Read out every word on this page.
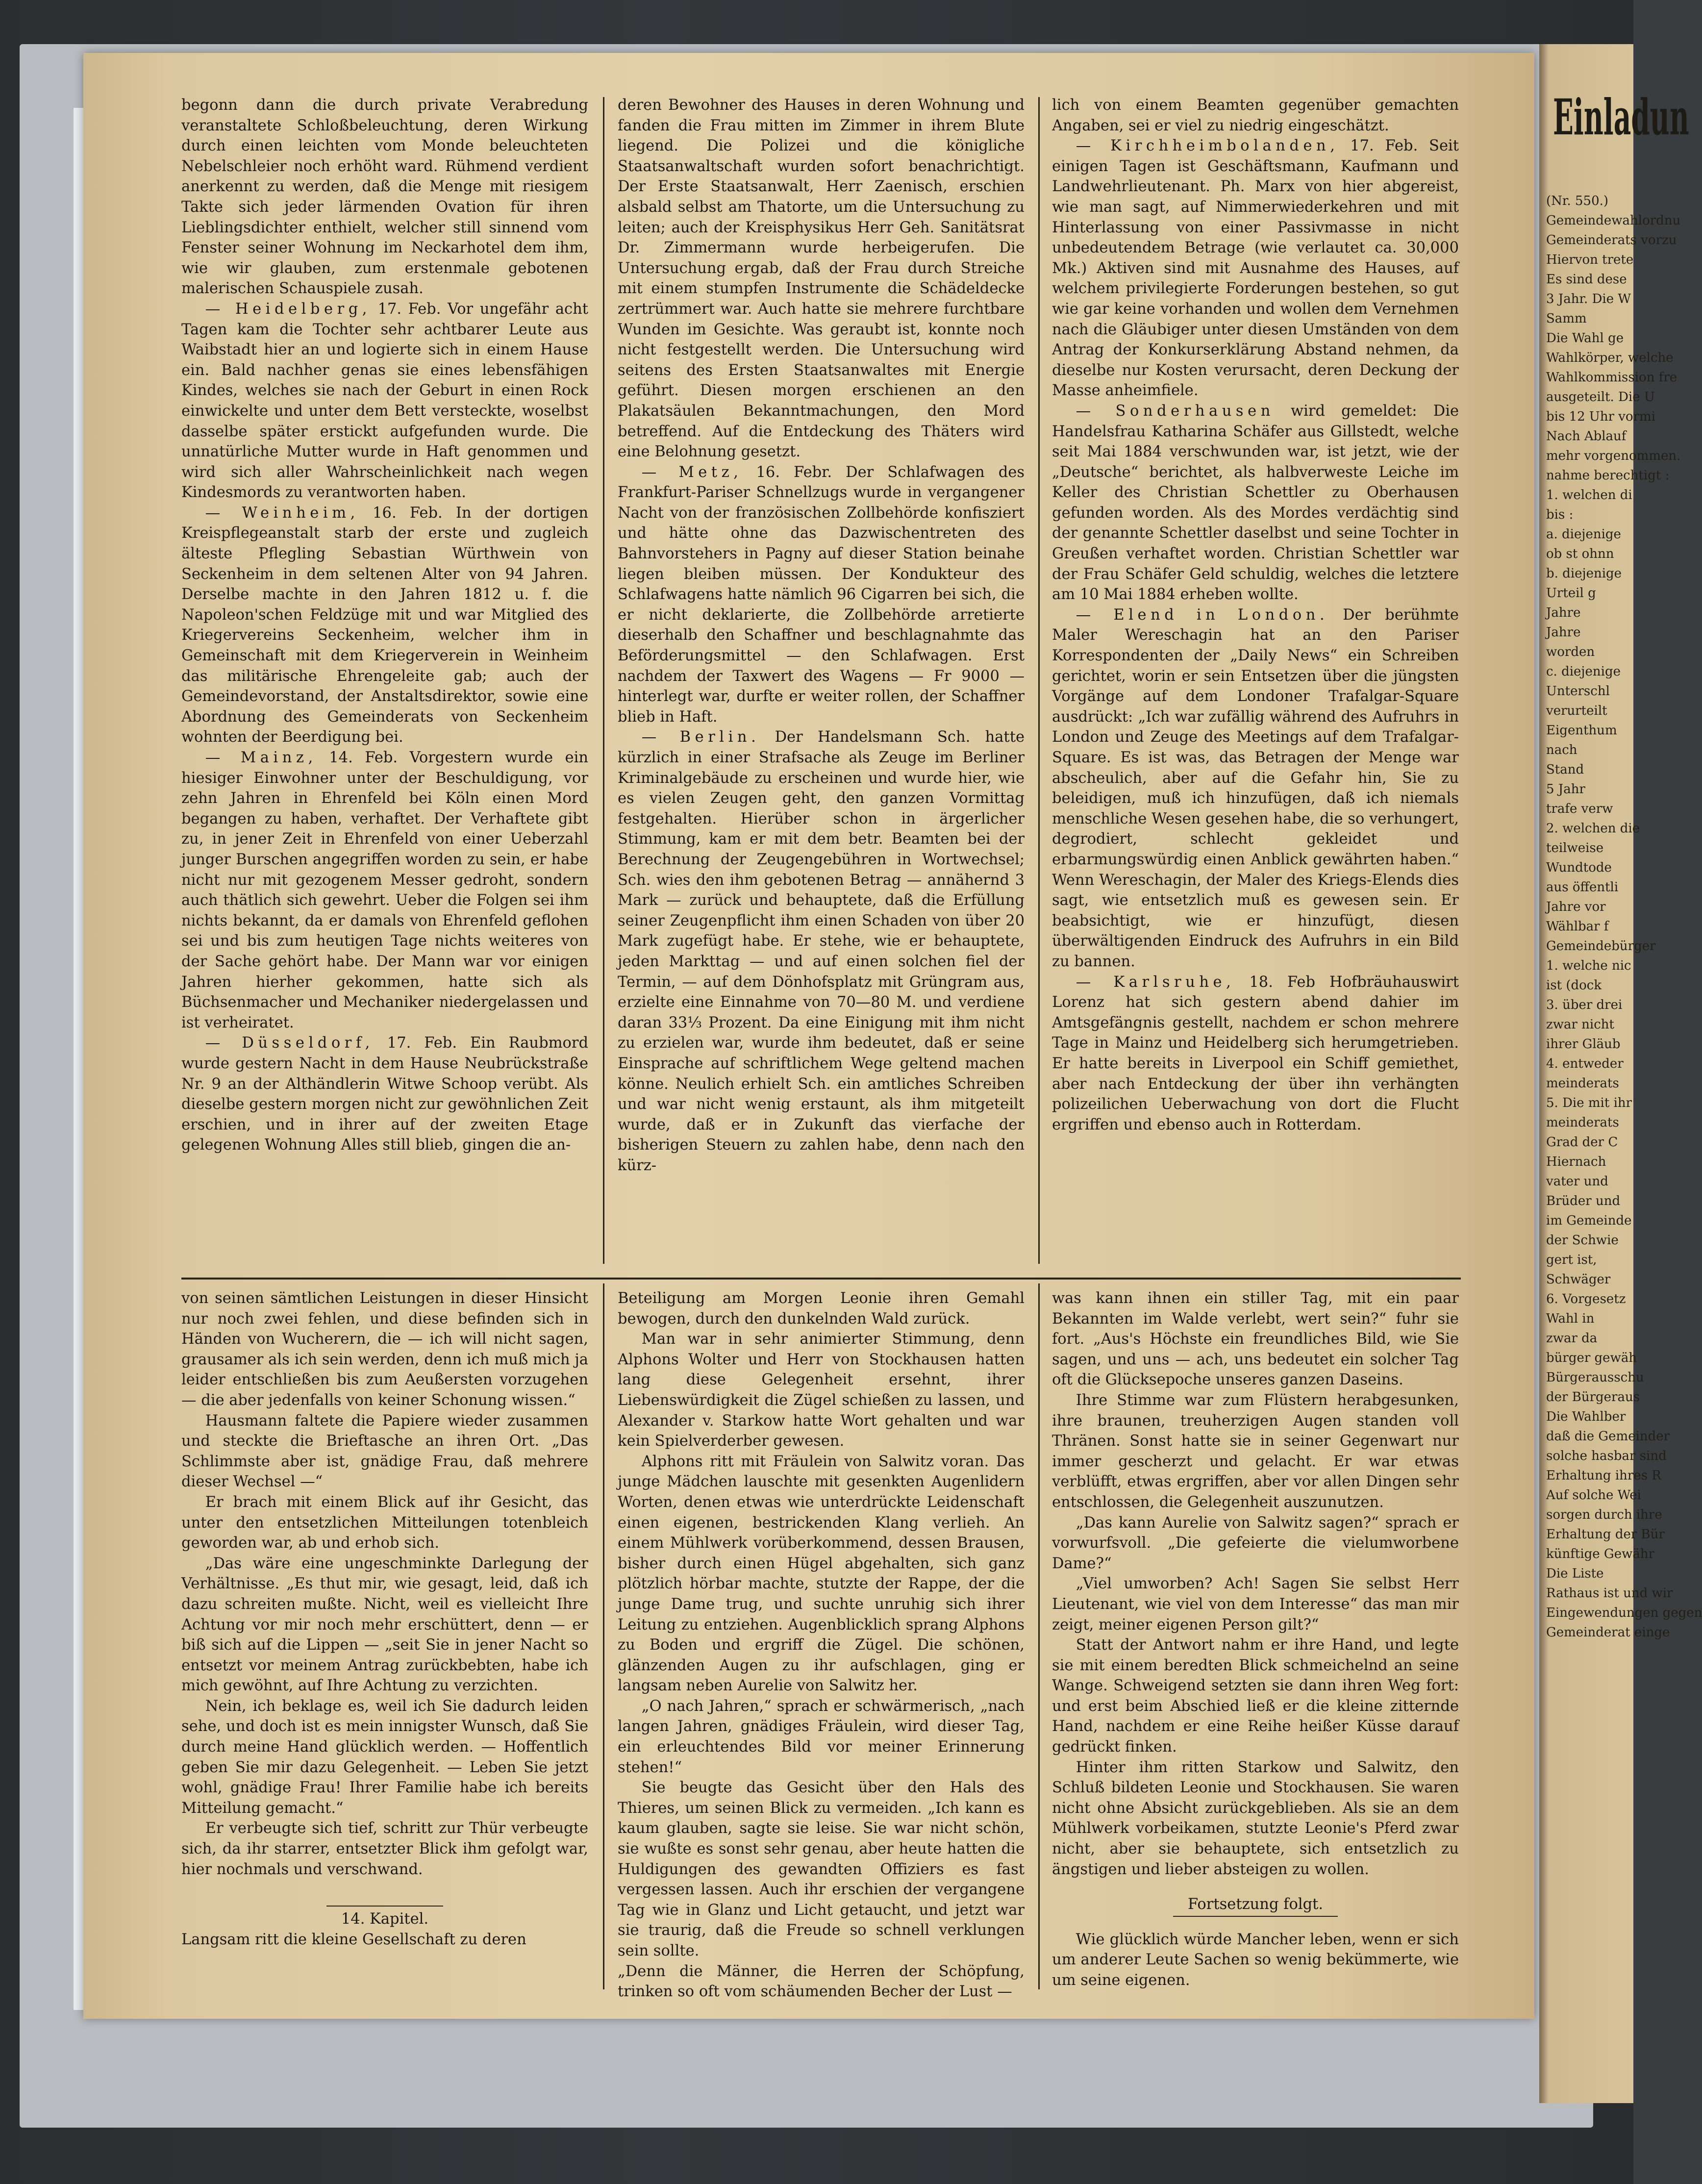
begonn dann die durch private Verabredung veranstaltete Schloßbeleuchtung, deren Wirkung durch einen leichten vom Monde beleuchteten Nebelschleier noch erhöht ward. Rühmend verdient anerkennt zu werden, daß die Menge mit riesigem Takte sich jeder lärmenden Ovation für ihren Lieblingsdichter enthielt, welcher still sinnend vom Fenster seiner Wohnung im Neckarhotel dem ihm, wie wir glauben, zum erstenmale gebotenen malerischen Schauspiele zusah.

— Heidelberg, 17. Feb. Vor ungefähr acht Tagen kam die Tochter sehr achtbarer Leute aus Waibstadt hier an und logierte sich in einem Hause ein. Bald nachher genas sie eines lebensfähigen Kindes, welches sie nach der Geburt in einen Rock einwickelte und unter dem Bett versteckte, woselbst dasselbe später erstickt aufgefunden wurde. Die unnatürliche Mutter wurde in Haft genommen und wird sich aller Wahrscheinlichkeit nach wegen Kindesmords zu verantworten haben.

— Weinheim, 16. Feb. In der dortigen Kreispflegeanstalt starb der erste und zugleich älteste Pflegling Sebastian Würthwein von Seckenheim in dem seltenen Alter von 94 Jahren. Derselbe machte in den Jahren 1812 u. f. die Napoleon'schen Feldzüge mit und war Mitglied des Kriegervereins Seckenheim, welcher ihm in Gemeinschaft mit dem Kriegerverein in Weinheim das militärische Ehrengeleite gab; auch der Gemeindevorstand, der Anstaltsdirektor, sowie eine Abordnung des Gemeinderats von Seckenheim wohnten der Beerdigung bei.

— Mainz, 14. Feb. Vorgestern wurde ein hiesiger Einwohner unter der Beschuldigung, vor zehn Jahren in Ehrenfeld bei Köln einen Mord begangen zu haben, verhaftet. Der Verhaftete gibt zu, in jener Zeit in Ehrenfeld von einer Ueberzahl junger Burschen angegriffen worden zu sein, er habe nicht nur mit gezogenem Messer gedroht, sondern auch thätlich sich gewehrt. Ueber die Folgen sei ihm nichts bekannt, da er damals von Ehrenfeld geflohen sei und bis zum heutigen Tage nichts weiteres von der Sache gehört habe. Der Mann war vor einigen Jahren hierher gekommen, hatte sich als Büchsenmacher und Mechaniker niedergelassen und ist verheiratet.

— Düsseldorf, 17. Feb. Ein Raubmord wurde gestern Nacht in dem Hause Neubrückstraße Nr. 9 an der Althändlerin Witwe Schoop verübt. Als dieselbe gestern morgen nicht zur gewöhnlichen Zeit erschien, und in ihrer auf der zweiten Etage gelegenen Wohnung Alles still blieb, gingen die an-

deren Bewohner des Hauses in deren Wohnung und fanden die Frau mitten im Zimmer in ihrem Blute liegend. Die Polizei und die königliche Staatsanwaltschaft wurden sofort benachrichtigt. Der Erste Staatsanwalt, Herr Zaenisch, erschien alsbald selbst am Thatorte, um die Untersuchung zu leiten; auch der Kreisphysikus Herr Geh. Sanitätsrat Dr. Zimmermann wurde herbeigerufen. Die Untersuchung ergab, daß der Frau durch Streiche mit einem stumpfen Instrumente die Schädeldecke zertrümmert war. Auch hatte sie mehrere furchtbare Wunden im Gesichte. Was geraubt ist, konnte noch nicht festgestellt werden. Die Untersuchung wird seitens des Ersten Staatsanwaltes mit Energie geführt. Diesen morgen erschienen an den Plakatsäulen Bekanntmachungen, den Mord betreffend. Auf die Entdeckung des Thäters wird eine Belohnung gesetzt.

— Metz, 16. Febr. Der Schlafwagen des Frankfurt-Pariser Schnellzugs wurde in vergangener Nacht von der französischen Zollbehörde konfisziert und hätte ohne das Dazwischentreten des Bahnvorstehers in Pagny auf dieser Station beinahe liegen bleiben müssen. Der Kondukteur des Schlafwagens hatte nämlich 96 Cigarren bei sich, die er nicht deklarierte, die Zollbehörde arretierte dieserhalb den Schaffner und beschlagnahmte das Beförderungsmittel — den Schlafwagen. Erst nachdem der Taxwert des Wagens — Fr 9000 — hinterlegt war, durfte er weiter rollen, der Schaffner blieb in Haft.

— Berlin. Der Handelsmann Sch. hatte kürzlich in einer Strafsache als Zeuge im Berliner Kriminalgebäude zu erscheinen und wurde hier, wie es vielen Zeugen geht, den ganzen Vormittag festgehalten. Hierüber schon in ärgerlicher Stimmung, kam er mit dem betr. Beamten bei der Berechnung der Zeugengebühren in Wortwechsel; Sch. wies den ihm gebotenen Betrag — annähernd 3 Mark — zurück und behauptete, daß die Erfüllung seiner Zeugenpflicht ihm einen Schaden von über 20 Mark zugefügt habe. Er stehe, wie er behauptete, jeden Markttag — und auf einen solchen fiel der Termin, — auf dem Dönhofsplatz mit Grüngram aus, erzielte eine Einnahme von 70—80 M. und verdiene daran 33⅓ Prozent. Da eine Einigung mit ihm nicht zu erzielen war, wurde ihm bedeutet, daß er seine Einsprache auf schriftlichem Wege geltend machen könne. Neulich erhielt Sch. ein amtliches Schreiben und war nicht wenig erstaunt, als ihm mitgeteilt wurde, daß er in Zukunft das vierfache der bisherigen Steuern zu zahlen habe, denn nach den kürz-

lich von einem Beamten gegenüber gemachten Angaben, sei er viel zu niedrig eingeschätzt.

— Kirchheimbolanden, 17. Feb. Seit einigen Tagen ist Geschäftsmann, Kaufmann und Landwehrlieutenant. Ph. Marx von hier abgereist, wie man sagt, auf Nimmerwiederkehren und mit Hinterlassung von einer Passivmasse in nicht unbedeutendem Betrage (wie verlautet ca. 30,000 Mk.) Aktiven sind mit Ausnahme des Hauses, auf welchem privilegierte Forderungen bestehen, so gut wie gar keine vorhanden und wollen dem Vernehmen nach die Gläubiger unter diesen Umständen von dem Antrag der Konkurserklärung Abstand nehmen, da dieselbe nur Kosten verursacht, deren Deckung der Masse anheimfiele.

— Sonderhausen wird gemeldet: Die Handelsfrau Katharina Schäfer aus Gillstedt, welche seit Mai 1884 verschwunden war, ist jetzt, wie der „Deutsche“ berichtet, als halbverweste Leiche im Keller des Christian Schettler zu Oberhausen gefunden worden. Als des Mordes verdächtig sind der genannte Schettler daselbst und seine Tochter in Greußen verhaftet worden. Christian Schettler war der Frau Schäfer Geld schuldig, welches die letztere am 10 Mai 1884 erheben wollte.

— Elend in London. Der berühmte Maler Wereschagin hat an den Pariser Korrespondenten der „Daily News“ ein Schreiben gerichtet, worin er sein Entsetzen über die jüngsten Vorgänge auf dem Londoner Trafalgar-Square ausdrückt: „Ich war zufällig während des Aufruhrs in London und Zeuge des Meetings auf dem Trafalgar-Square. Es ist was, das Betragen der Menge war abscheulich, aber auf die Gefahr hin, Sie zu beleidigen, muß ich hinzufügen, daß ich niemals menschliche Wesen gesehen habe, die so verhungert, degrodiert, schlecht gekleidet und erbarmungswürdig einen Anblick gewährten haben.“ Wenn Wereschagin, der Maler des Kriegs-Elends dies sagt, wie entsetzlich muß es gewesen sein. Er beabsichtigt, wie er hinzufügt, diesen überwältigenden Eindruck des Aufruhrs in ein Bild zu bannen.

— Karlsruhe, 18. Feb Hofbräuhauswirt Lorenz hat sich gestern abend dahier im Amtsgefängnis gestellt, nachdem er schon mehrere Tage in Mainz und Heidelberg sich herumgetrieben. Er hatte bereits in Liverpool ein Schiff gemiethet, aber nach Entdeckung der über ihn verhängten polizeilichen Ueberwachung von dort die Flucht ergriffen und ebenso auch in Rotterdam.

von seinen sämtlichen Leistungen in dieser Hinsicht nur noch zwei fehlen, und diese befinden sich in Händen von Wucherern, die — ich will nicht sagen, grausamer als ich sein werden, denn ich muß mich ja leider entschließen bis zum Aeußersten vorzugehen — die aber jedenfalls von keiner Schonung wissen.“

Hausmann faltete die Papiere wieder zusammen und steckte die Brieftasche an ihren Ort. „Das Schlimmste aber ist, gnädige Frau, daß mehrere dieser Wechsel —“

Er brach mit einem Blick auf ihr Gesicht, das unter den entsetzlichen Mitteilungen totenbleich geworden war, ab und erhob sich.

„Das wäre eine ungeschminkte Darlegung der Verhältnisse. „Es thut mir, wie gesagt, leid, daß ich dazu schreiten mußte. Nicht, weil es vielleicht Ihre Achtung vor mir noch mehr erschüttert, denn — er biß sich auf die Lippen — „seit Sie in jener Nacht so entsetzt vor meinem Antrag zurückbebten, habe ich mich gewöhnt, auf Ihre Achtung zu verzichten.

Nein, ich beklage es, weil ich Sie dadurch leiden sehe, und doch ist es mein innigster Wunsch, daß Sie durch meine Hand glücklich werden. — Hoffentlich geben Sie mir dazu Gelegenheit. — Leben Sie jetzt wohl, gnädige Frau! Ihrer Familie habe ich bereits Mitteilung gemacht.“

Er verbeugte sich tief, schritt zur Thür verbeugte sich, da ihr starrer, entsetzter Blick ihm gefolgt war, hier nochmals und verschwand.

14. Kapitel.

Langsam ritt die kleine Gesellschaft zu deren

Beteiligung am Morgen Leonie ihren Gemahl bewogen, durch den dunkelnden Wald zurück.

Man war in sehr animierter Stimmung, denn Alphons Wolter und Herr von Stockhausen hatten lang diese Gelegenheit ersehnt, ihrer Liebenswürdigkeit die Zügel schießen zu lassen, und Alexander v. Starkow hatte Wort gehalten und war kein Spielverderber gewesen.

Alphons ritt mit Fräulein von Salwitz voran. Das junge Mädchen lauschte mit gesenkten Augenlidern Worten, denen etwas wie unterdrückte Leidenschaft einen eigenen, bestrickenden Klang verlieh. An einem Mühlwerk vorüberkommend, dessen Brausen, bisher durch einen Hügel abgehalten, sich ganz plötzlich hörbar machte, stutzte der Rappe, der die junge Dame trug, und suchte unruhig sich ihrer Leitung zu entziehen. Augenblicklich sprang Alphons zu Boden und ergriff die Zügel. Die schönen, glänzenden Augen zu ihr aufschlagen, ging er langsam neben Aurelie von Salwitz her.

„O nach Jahren,“ sprach er schwärmerisch, „nach langen Jahren, gnädiges Fräulein, wird dieser Tag, ein erleuchtendes Bild vor meiner Erinnerung stehen!“

Sie beugte das Gesicht über den Hals des Thieres, um seinen Blick zu vermeiden. „Ich kann es kaum glauben, sagte sie leise. Sie war nicht schön, sie wußte es sonst sehr genau, aber heute hatten die Huldigungen des gewandten Offiziers es fast vergessen lassen. Auch ihr erschien der vergangene Tag wie in Glanz und Licht getaucht, und jetzt war sie traurig, daß die Freude so schnell verklungen sein sollte.

„Denn die Männer, die Herren der Schöpfung, trinken so oft vom schäumenden Becher der Lust —

was kann ihnen ein stiller Tag, mit ein paar Bekannten im Walde verlebt, wert sein?“ fuhr sie fort. „Aus's Höchste ein freundliches Bild, wie Sie sagen, und uns — ach, uns bedeutet ein solcher Tag oft die Glücksepoche unseres ganzen Daseins.

Ihre Stimme war zum Flüstern herabgesunken, ihre braunen, treuherzigen Augen standen voll Thränen. Sonst hatte sie in seiner Gegenwart nur immer gescherzt und gelacht. Er war etwas verblüfft, etwas ergriffen, aber vor allen Dingen sehr entschlossen, die Gelegenheit auszunutzen.

„Das kann Aurelie von Salwitz sagen?“ sprach er vorwurfsvoll. „Die gefeierte die vielumworbene Dame?“

„Viel umworben? Ach! Sagen Sie selbst Herr Lieutenant, wie viel von dem Interesse“ das man mir zeigt, meiner eigenen Person gilt?“

Statt der Antwort nahm er ihre Hand, und legte sie mit einem beredten Blick schmeichelnd an seine Wange. Schweigend setzten sie dann ihren Weg fort: und erst beim Abschied ließ er die kleine zitternde Hand, nachdem er eine Reihe heißer Küsse darauf gedrückt finken.

Hinter ihm ritten Starkow und Salwitz, den Schluß bildeten Leonie und Stockhausen. Sie waren nicht ohne Absicht zurückgeblieben. Als sie an dem Mühlwerk vorbeikamen, stutzte Leonie's Pferd zwar nicht, aber sie behauptete, sich entsetzlich zu ängstigen und lieber absteigen zu wollen.

Fortsetzung folgt.

Wie glücklich würde Mancher leben, wenn er sich um anderer Leute Sachen so wenig bekümmerte, wie um seine eigenen.

Einladun
(Nr. 550.)
Gemeindewahlordnu
Gemeinderats vorzu
Hiervon trete
Es sind dese
3 Jahr. Die W
Samm
Die Wahl ge
Wahlkörper, welche
Wahlkommission fre
ausgeteilt. Die U
bis 12 Uhr vormi
Nach Ablauf
mehr vorgenommen.
nahme berechtigt :
1. welchen di
bis :
a. diejenige
ob st ohnn
b. diejenige
Urteil g
Jahre
Jahre
worden
c. diejenige
Unterschl
verurteilt
Eigenthum
nach
Stand
5 Jahr
trafe verw
2. welchen die
teilweise
Wundtode
aus öffentli
Jahre vor
Wählbar f
Gemeindebürger
1. welche nic
ist (dock
3. über drei
zwar nicht
ihrer Gläub
4. entweder
meinderats
5. Die mit ihr
meinderats
Grad der C
Hiernach
vater und
Brüder und
im Gemeinde
der Schwie
gert ist,
Schwäger
6. Vorgesetz
Wahl in
zwar da
bürger gewäh
Bürgerausschu
der Bürgeraus
Die Wahlber
daß die Gemeinder
solche hasbar sind
Erhaltung ihres R
Auf solche Wei
sorgen durch ihre
Erhaltung der Bür
künftige Gewähr
Die Liste
Rathaus ist und wir
Eingewendungen gegen
Gemeinderat einge
